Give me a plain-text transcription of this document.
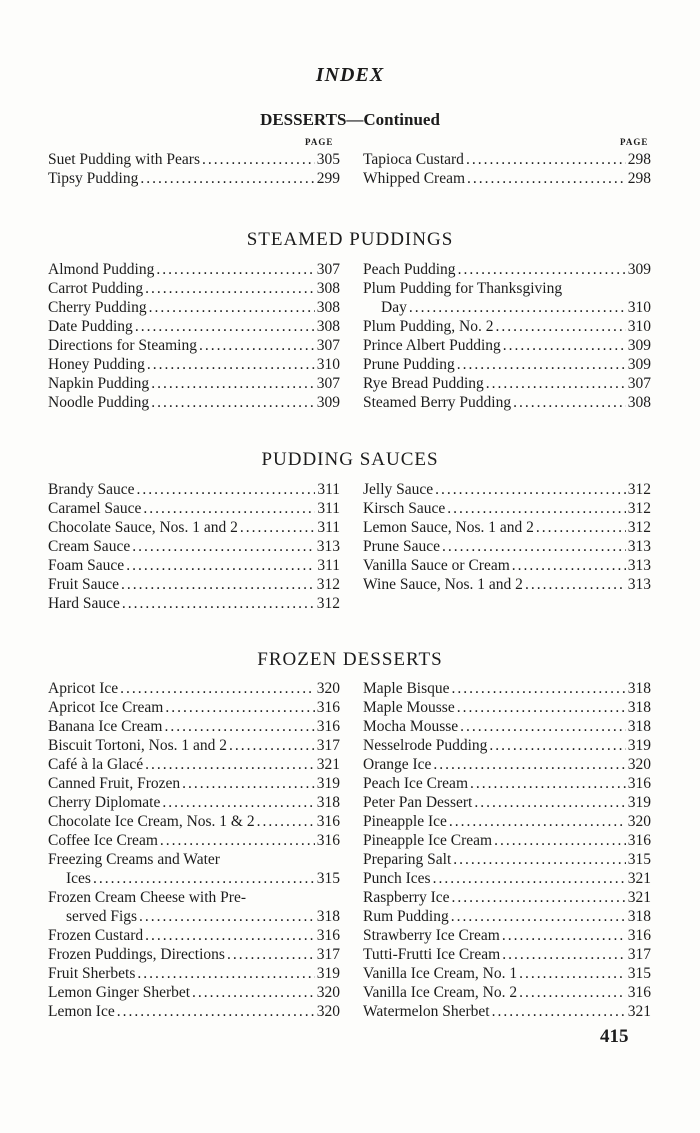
INDEX
DESSERTS—Continued
PAGE	PAGE
Suet Pudding with Pears .....	305
Tipsy Pudding .....	299
Tapioca Custard .....	298
Whipped Cream .....	298
STEAMED PUDDINGS
Almond Pudding .....	307
Carrot Pudding .....	308
Cherry Pudding .....	308
Date Pudding .....	308
Directions for Steaming .....	307
Honey Pudding .....	310
Napkin Pudding .....	307
Noodle Pudding .....	309
Peach Pudding .....	309
Plum Pudding for Thanksgiving
Day .....	310
Plum Pudding, No. 2 .....	310
Prince Albert Pudding .....	309
Prune Pudding .....	309
Rye Bread Pudding .....	307
Steamed Berry Pudding .....	308
PUDDING SAUCES
Brandy Sauce .....	311
Caramel Sauce .....	311
Chocolate Sauce, Nos. 1 and 2 .....	311
Cream Sauce .....	313
Foam Sauce .....	311
Fruit Sauce .....	312
Hard Sauce .....	312
Jelly Sauce .....	312
Kirsch Sauce .....	312
Lemon Sauce, Nos. 1 and 2 .....	312
Prune Sauce .....	313
Vanilla Sauce or Cream .....	313
Wine Sauce, Nos. 1 and 2 .....	313
FROZEN DESSERTS
Apricot Ice .....	320
Apricot Ice Cream .....	316
Banana Ice Cream .....	316
Biscuit Tortoni, Nos. 1 and 2 .....	317
Café à la Glacé .....	321
Canned Fruit, Frozen .....	319
Cherry Diplomate .....	318
Chocolate Ice Cream, Nos. 1 & 2 .....	316
Coffee Ice Cream .....	316
Freezing Creams and Water
Ices .....	315
Frozen Cream Cheese with Pre-
served Figs .....	318
Frozen Custard .....	316
Frozen Puddings, Directions .....	317
Fruit Sherbets .....	319
Lemon Ginger Sherbet .....	320
Lemon Ice .....	320
Maple Bisque .....	318
Maple Mousse .....	318
Mocha Mousse .....	318
Nesselrode Pudding .....	319
Orange Ice .....	320
Peach Ice Cream .....	316
Peter Pan Dessert .....	319
Pineapple Ice .....	320
Pineapple Ice Cream .....	316
Preparing Salt .....	315
Punch Ices .....	321
Raspberry Ice .....	321
Rum Pudding .....	318
Strawberry Ice Cream .....	316
Tutti-Frutti Ice Cream .....	317
Vanilla Ice Cream, No. 1 .....	315
Vanilla Ice Cream, No. 2 .....	316
Watermelon Sherbet .....	321
415
